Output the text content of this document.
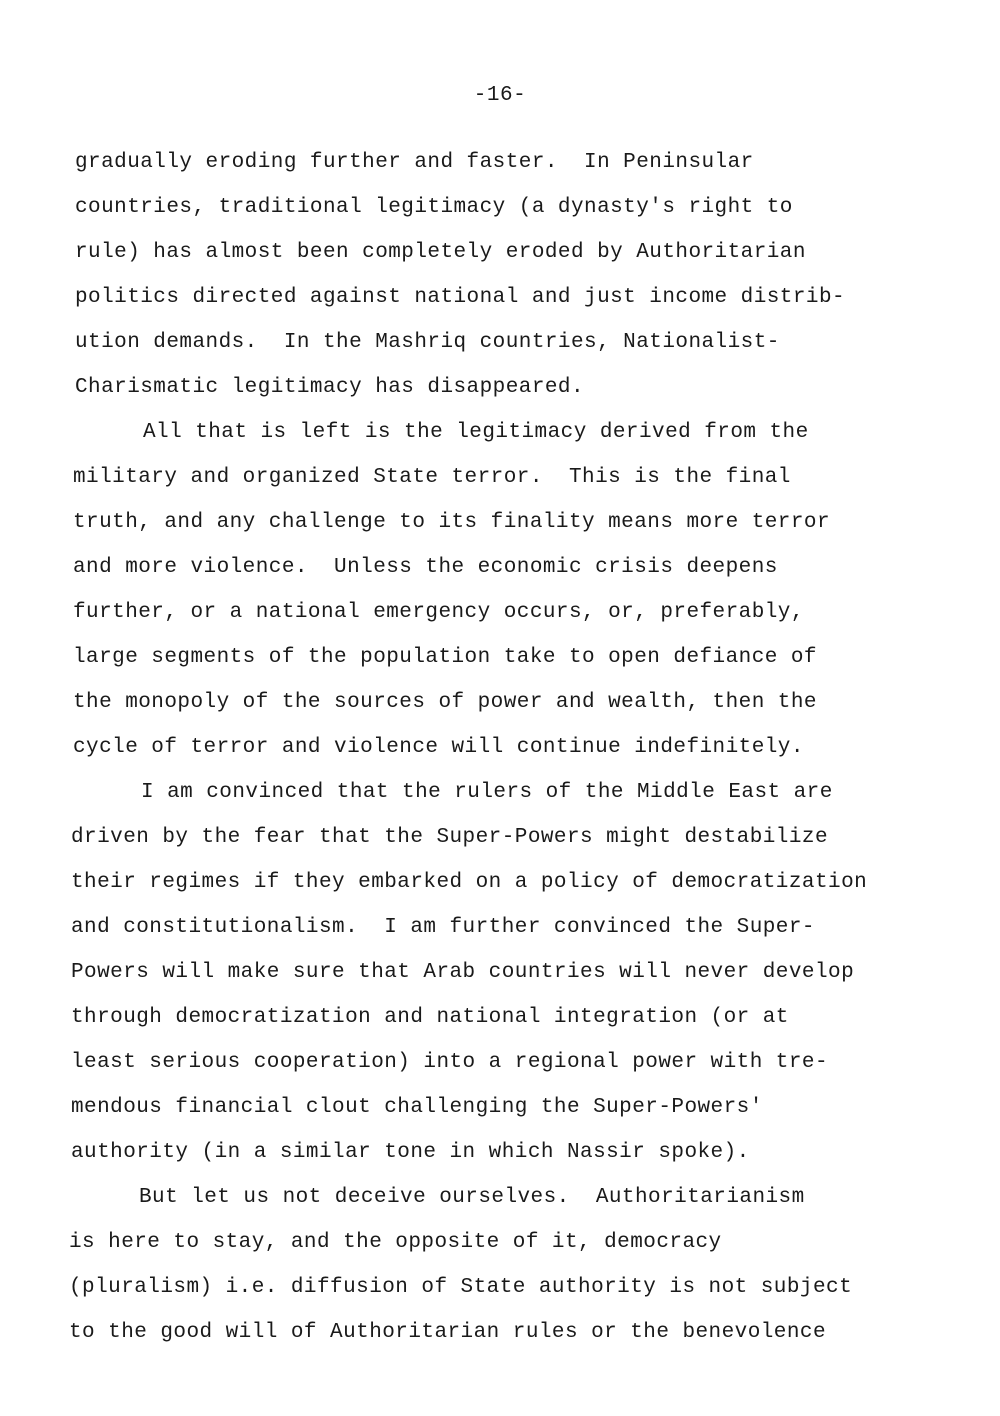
-16-
gradually eroding further and faster.  In Peninsular
countries, traditional legitimacy (a dynasty's right to
rule) has almost been completely eroded by Authoritarian
politics directed against national and just income distrib-
ution demands.  In the Mashriq countries, Nationalist-
Charismatic legitimacy has disappeared.
All that is left is the legitimacy derived from the
military and organized State terror.  This is the final
truth, and any challenge to its finality means more terror
and more violence.  Unless the economic crisis deepens
further, or a national emergency occurs, or, preferably,
large segments of the population take to open defiance of
the monopoly of the sources of power and wealth, then the
cycle of terror and violence will continue indefinitely.
I am convinced that the rulers of the Middle East are
driven by the fear that the Super-Powers might destabilize
their regimes if they embarked on a policy of democratization
and constitutionalism.  I am further convinced the Super-
Powers will make sure that Arab countries will never develop
through democratization and national integration (or at
least serious cooperation) into a regional power with tre-
mendous financial clout challenging the Super-Powers'
authority (in a similar tone in which Nassir spoke).
But let us not deceive ourselves.  Authoritarianism
is here to stay, and the opposite of it, democracy
(pluralism) i.e. diffusion of State authority is not subject
to the good will of Authoritarian rules or the benevolence
